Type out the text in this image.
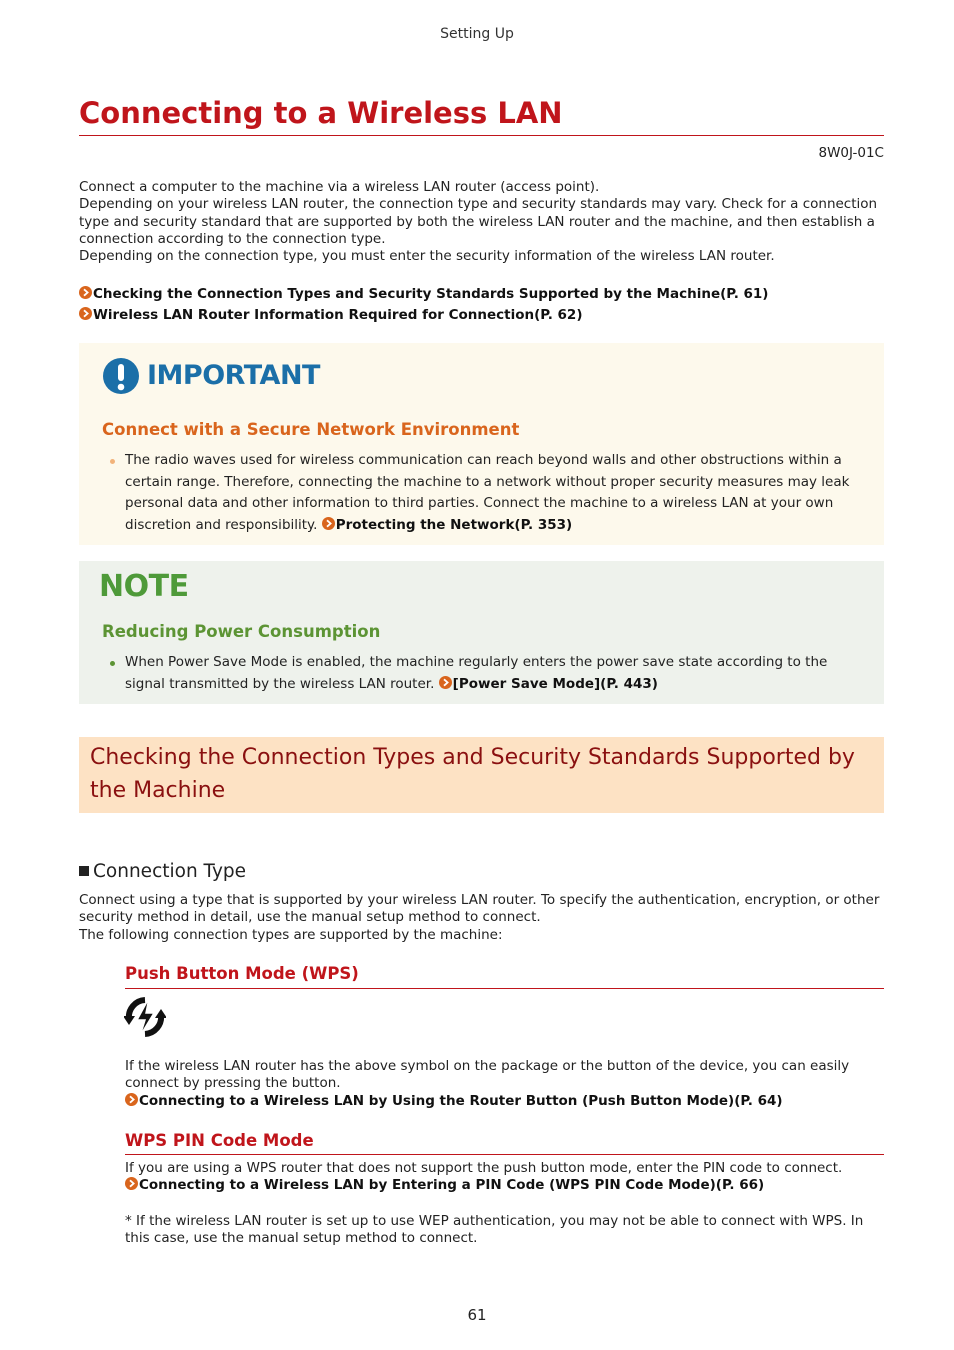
Setting Up
Connecting to a Wireless LAN
8W0J-01C

Connect a computer to the machine via a wireless LAN router (access point).

Depending on your wireless LAN router, the connection type and security standards may vary. Check for a connection type and security standard that are supported by both the wireless LAN router and the machine, and then establish a connection according to the connection type.

Depending on the connection type, you must enter the security information of the wireless LAN router.

Checking the Connection Types and Security Standards Supported by the Machine(P. 61)
Wireless LAN Router Information Required for Connection(P. 62)
IMPORTANT
Connect with a Secure Network Environment
The radio waves used for wireless communication can reach beyond walls and other obstructions within a certain range. Therefore, connecting the machine to a network without proper security measures may leak personal data and other information to third parties. Connect the machine to a wireless LAN at your own discretion and responsibility. Protecting the Network(P. 353)
NOTE
Reducing Power Consumption
When Power Save Mode is enabled, the machine regularly enters the power save state according to the signal transmitted by the wireless LAN router. [Power Save Mode](P. 443)
Checking the Connection Types and Security Standards Supported by the Machine
Connection Type

Connect using a type that is supported by your wireless LAN router. To specify the authentication, encryption, or other security method in detail, use the manual setup method to connect.

The following connection types are supported by the machine:

Push Button Mode (WPS)

If the wireless LAN router has the above symbol on the package or the button of the device, you can easily connect by pressing the button.

Connecting to a Wireless LAN by Using the Router Button (Push Button Mode)(P. 64)

WPS PIN Code Mode

If you are using a WPS router that does not support the push button mode, enter the PIN code to connect.

Connecting to a Wireless LAN by Entering a PIN Code (WPS PIN Code Mode)(P. 66)

* If the wireless LAN router is set up to use WEP authentication, you may not be able to connect with WPS. In this case, use the manual setup method to connect.
61
